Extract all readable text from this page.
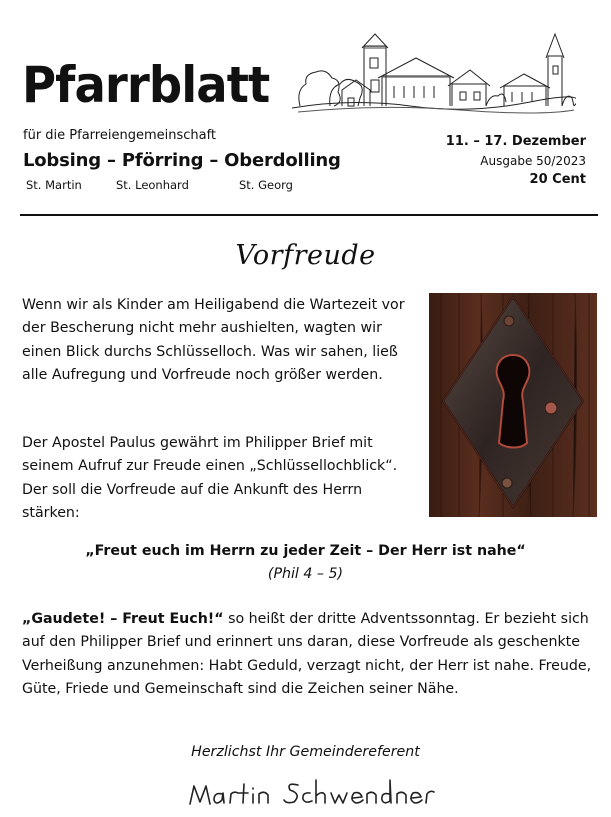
Pfarrblatt
für die Pfarreiengemeinschaft
Lobsing – Pförring – Oberdolling
St. Martin	St. Leonhard	St. Georg
11. – 17. Dezember
Ausgabe 50/2023
20 Cent
Vorfreude
Wenn wir als Kinder am Heiligabend die Wartezeit vor der Bescherung nicht mehr aushielten, wagten wir einen Blick durchs Schlüsselloch. Was wir sahen, ließ alle Aufregung und Vorfreude noch größer werden.
Der Apostel Paulus gewährt im Philipper Brief mit seinem Aufruf zur Freude einen „Schlüssellochblick“. Der soll die Vorfreude auf die Ankunft des Herrn stärken:
„Freut euch im Herrn zu jeder Zeit – Der Herr ist nahe“
(Phil 4 – 5)
„Gaudete! – Freut Euch!“ so heißt der dritte Adventssonntag. Er bezieht sich auf den Philipper Brief und erinnert uns daran, diese Vorfreude als geschenkte Verheißung anzunehmen: Habt Geduld, verzagt nicht, der Herr ist nahe. Freude, Güte, Friede und Gemeinschaft sind die Zeichen seiner Nähe.
Herzlichst Ihr Gemeindereferent
